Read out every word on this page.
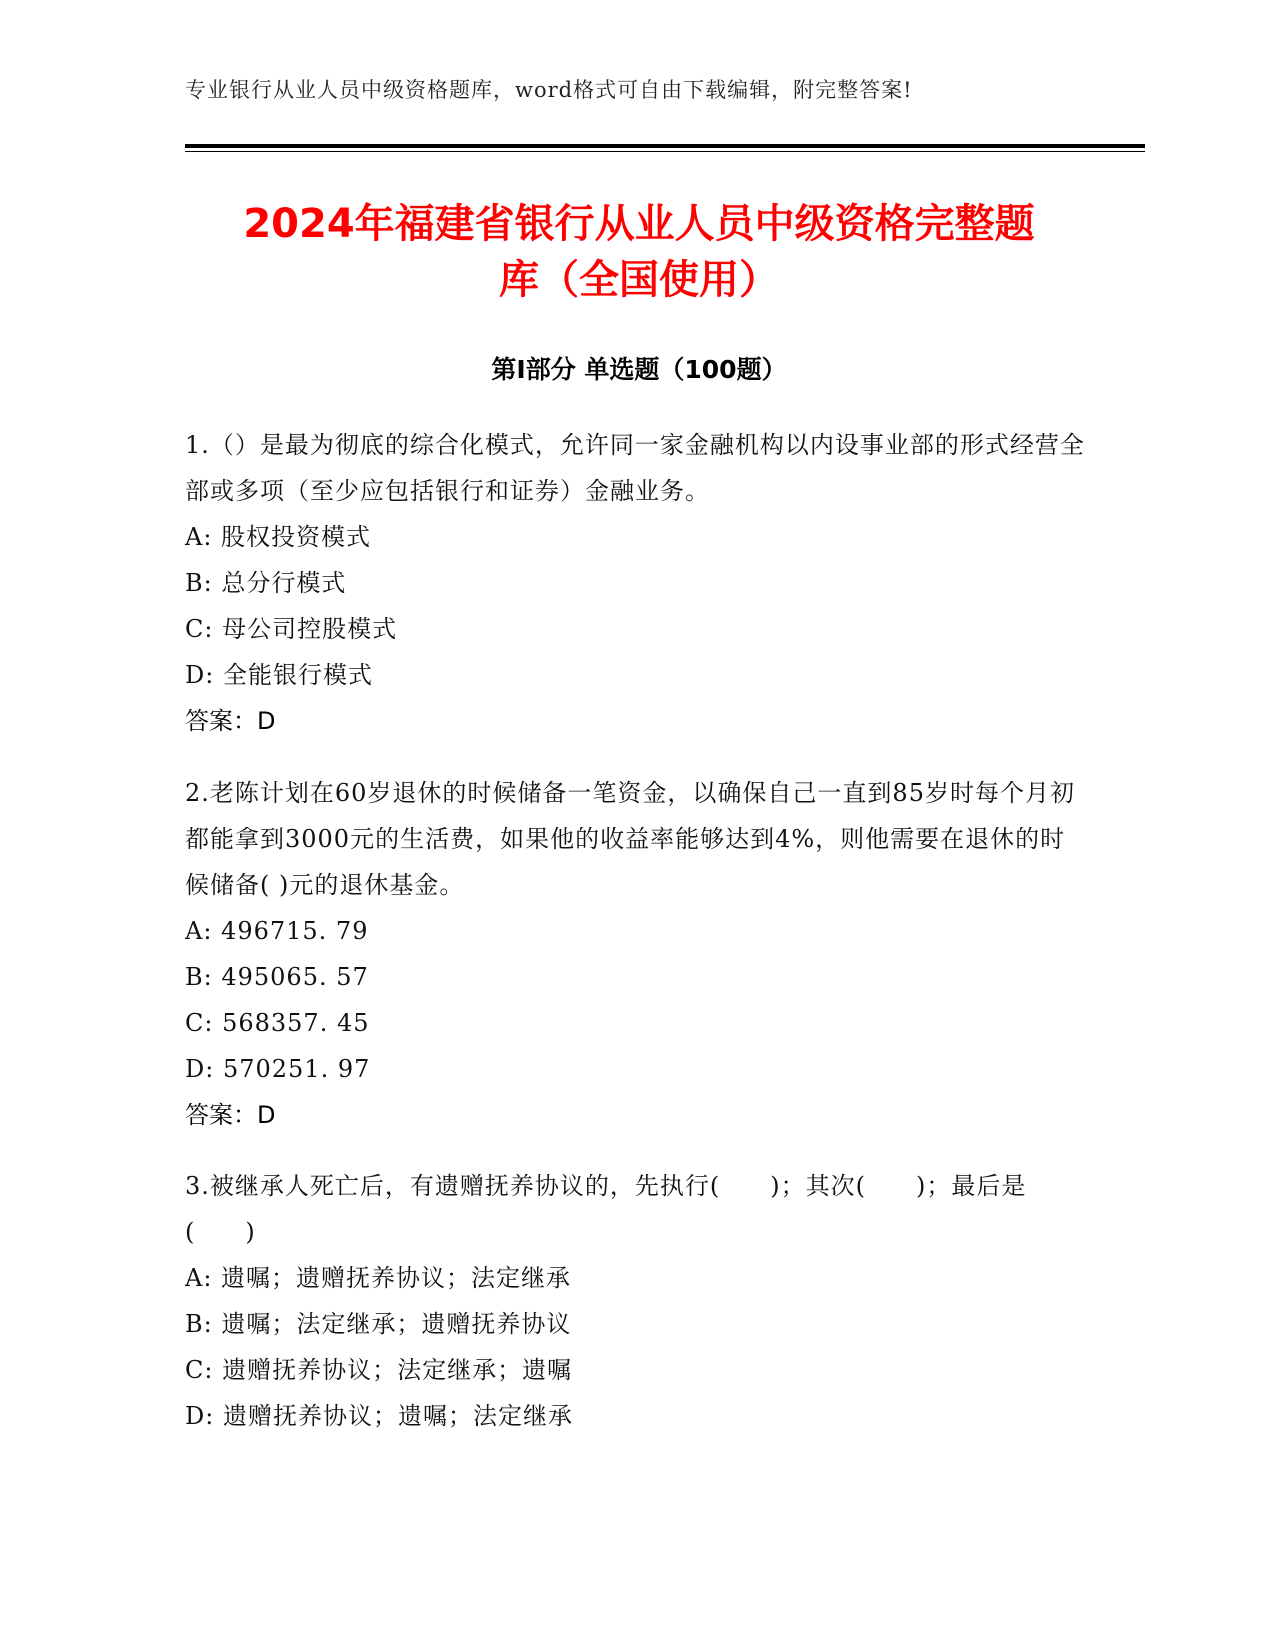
专业银行从业人员中级资格题库，word格式可自由下载编辑，附完整答案!
2024年福建省银行从业人员中级资格完整题
库（全国使用）
第Ⅰ部分 单选题（100题）

1.（）是最为彻底的综合化模式，允许同一家金融机构以内设事业部的形式经营全部或多项（至少应包括银行和证券）金融业务。

A: 股权投资模式

B: 总分行模式

C: 母公司控股模式

D: 全能银行模式

答案：D

2.老陈计划在60岁退休的时候储备一笔资金，以确保自己一直到85岁时每个月初都能拿到3000元的生活费，如果他的收益率能够达到4%，则他需要在退休的时候储备( )元的退休基金。

A: 496715. 79

B: 495065. 57

C: 568357. 45

D: 570251. 97

答案：D

3.被继承人死亡后，有遗赠抚养协议的，先执行(　　)；其次(　　)；最后是(　　)

A: 遗嘱；遗赠抚养协议；法定继承

B: 遗嘱；法定继承；遗赠抚养协议

C: 遗赠抚养协议；法定继承；遗嘱

D: 遗赠抚养协议；遗嘱；法定继承
